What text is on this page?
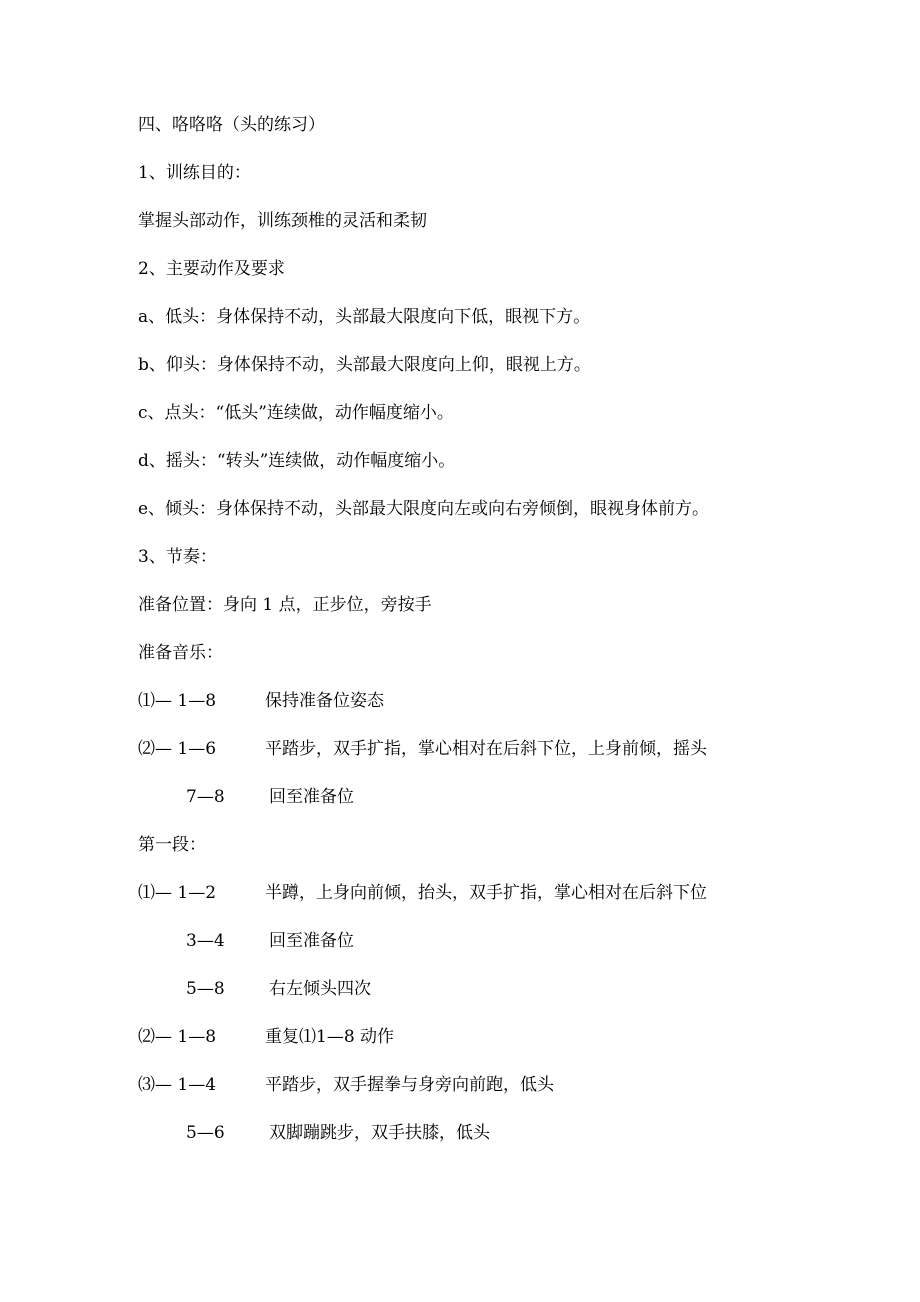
四、咯咯咯（头的练习）
1、训练目的：
掌握头部动作，训练颈椎的灵活和柔韧
2、主要动作及要求
a、低头：身体保持不动，头部最大限度向下低，眼视下方。
b、仰头：身体保持不动，头部最大限度向上仰，眼视上方。
c、点头：“低头”连续做，动作幅度缩小。
d、摇头：“转头”连续做，动作幅度缩小。
e、倾头：身体保持不动，头部最大限度向左或向右旁倾倒，眼视身体前方。
3、节奏：
准备位置：身向 1 点，正步位，旁按手
准备音乐：
⑴— 1—8	保持准备位姿态
⑵— 1—6	平踏步，双手扩指，掌心相对在后斜下位，上身前倾，摇头
7—8	回至准备位
第一段：
⑴— 1—2	半蹲，上身向前倾，抬头，双手扩指，掌心相对在后斜下位
3—4	回至准备位
5—8	右左倾头四次
⑵— 1—8	重复⑴1—8 动作
⑶— 1—4	平踏步，双手握拳与身旁向前跑，低头
5—6	双脚蹦跳步，双手扶膝，低头
